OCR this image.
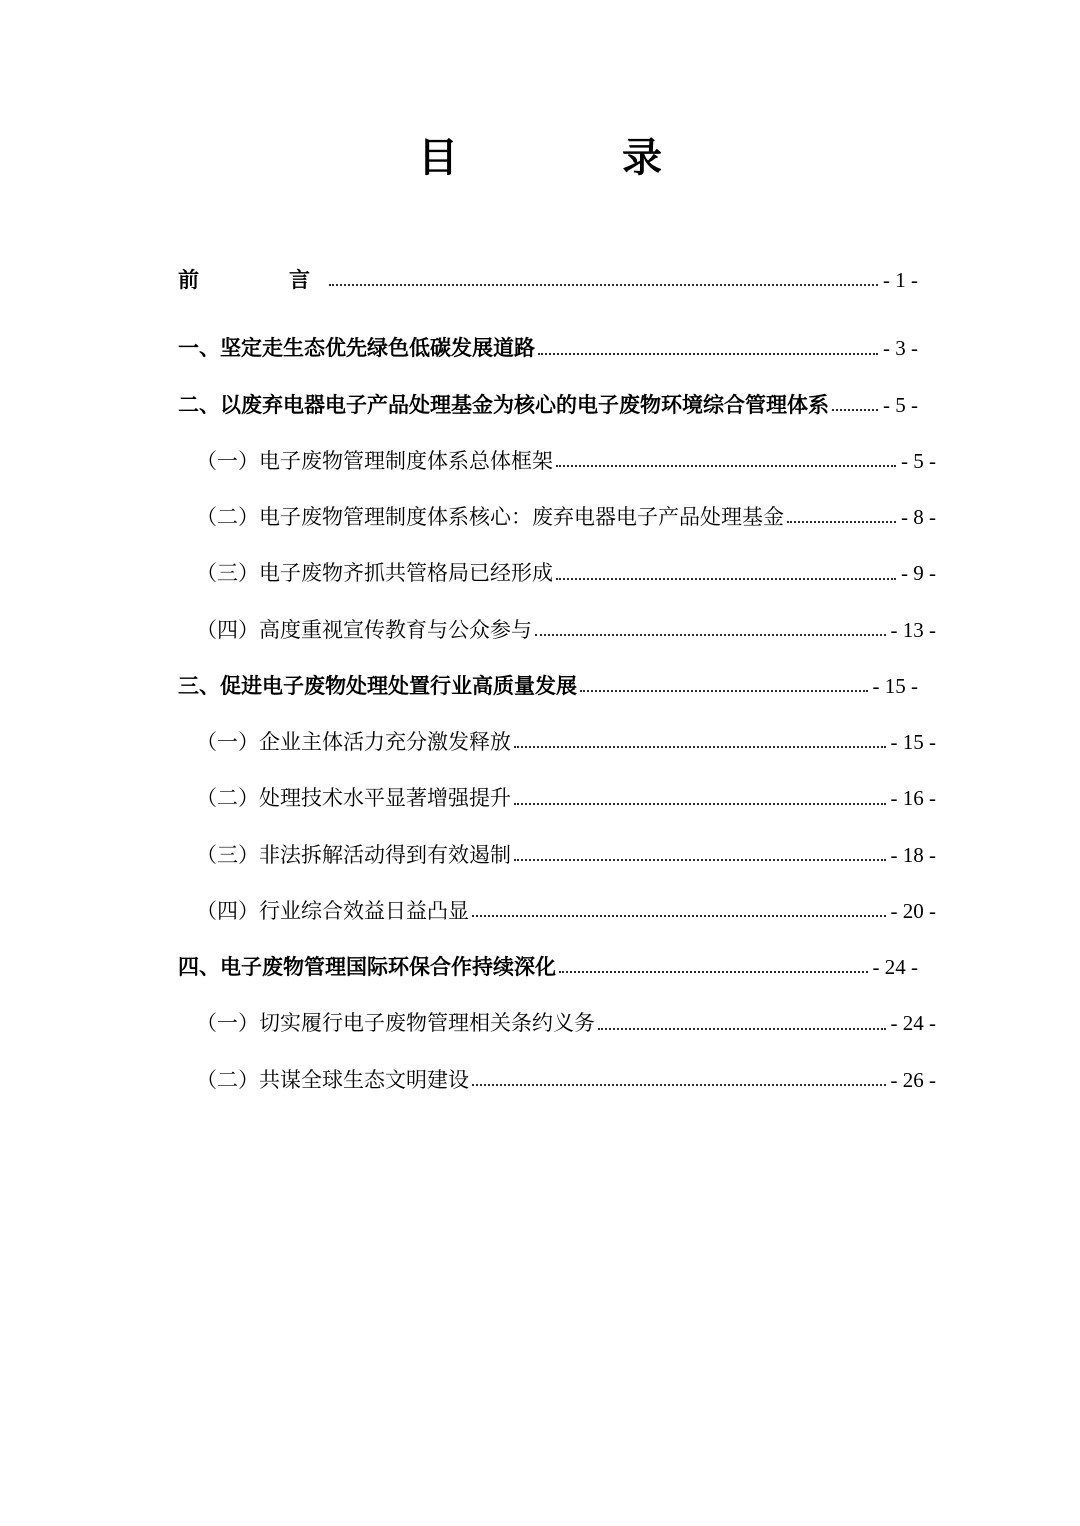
目　　录
前　　言	- 1 -
一、坚定走生态优先绿色低碳发展道路	- 3 -
二、以废弃电器电子产品处理基金为核心的电子废物环境综合管理体系	- 5 -
（一）电子废物管理制度体系总体框架	- 5 -
（二）电子废物管理制度体系核心：废弃电器电子产品处理基金	- 8 -
（三）电子废物齐抓共管格局已经形成	- 9 -
（四）高度重视宣传教育与公众参与	- 13 -
三、促进电子废物处理处置行业高质量发展	- 15 -
（一）企业主体活力充分激发释放	- 15 -
（二）处理技术水平显著增强提升	- 16 -
（三）非法拆解活动得到有效遏制	- 18 -
（四）行业综合效益日益凸显	- 20 -
四、电子废物管理国际环保合作持续深化	- 24 -
（一）切实履行电子废物管理相关条约义务	- 24 -
（二）共谋全球生态文明建设	- 26 -
